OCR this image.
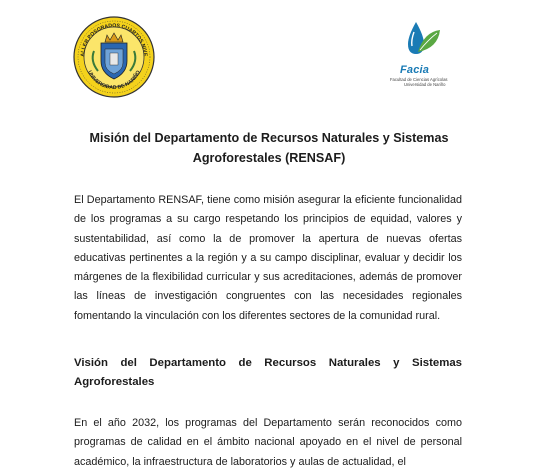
ALLER POSGRADOS CUARTOS NIVE
UNIVERSIDAD DE NARIÑO	Facia
Facultad de Ciencias Agrícolas
Universidad de Nariño
Misión del Departamento de Recursos Naturales y Sistemas
Agroforestales (RENSAF)

El Departamento RENSAF, tiene como misión asegurar la eficiente funcionalidad de los programas a su cargo respetando los principios de equidad, valores y sustentabilidad, así como la de promover la apertura de nuevas ofertas educativas pertinentes a la región y a su campo disciplinar, evaluar y decidir los márgenes de la flexibilidad curricular y sus acreditaciones, además de promover las líneas de investigación congruentes con las necesidades regionales fomentando la vinculación con los diferentes sectores de la comunidad rural.

Visión del Departamento de Recursos Naturales y Sistemas Agroforestales

En el año 2032, los programas del Departamento serán reconocidos como programas de calidad en el ámbito nacional apoyado en el nivel de personal académico, la infraestructura de laboratorios y aulas de actualidad, el
